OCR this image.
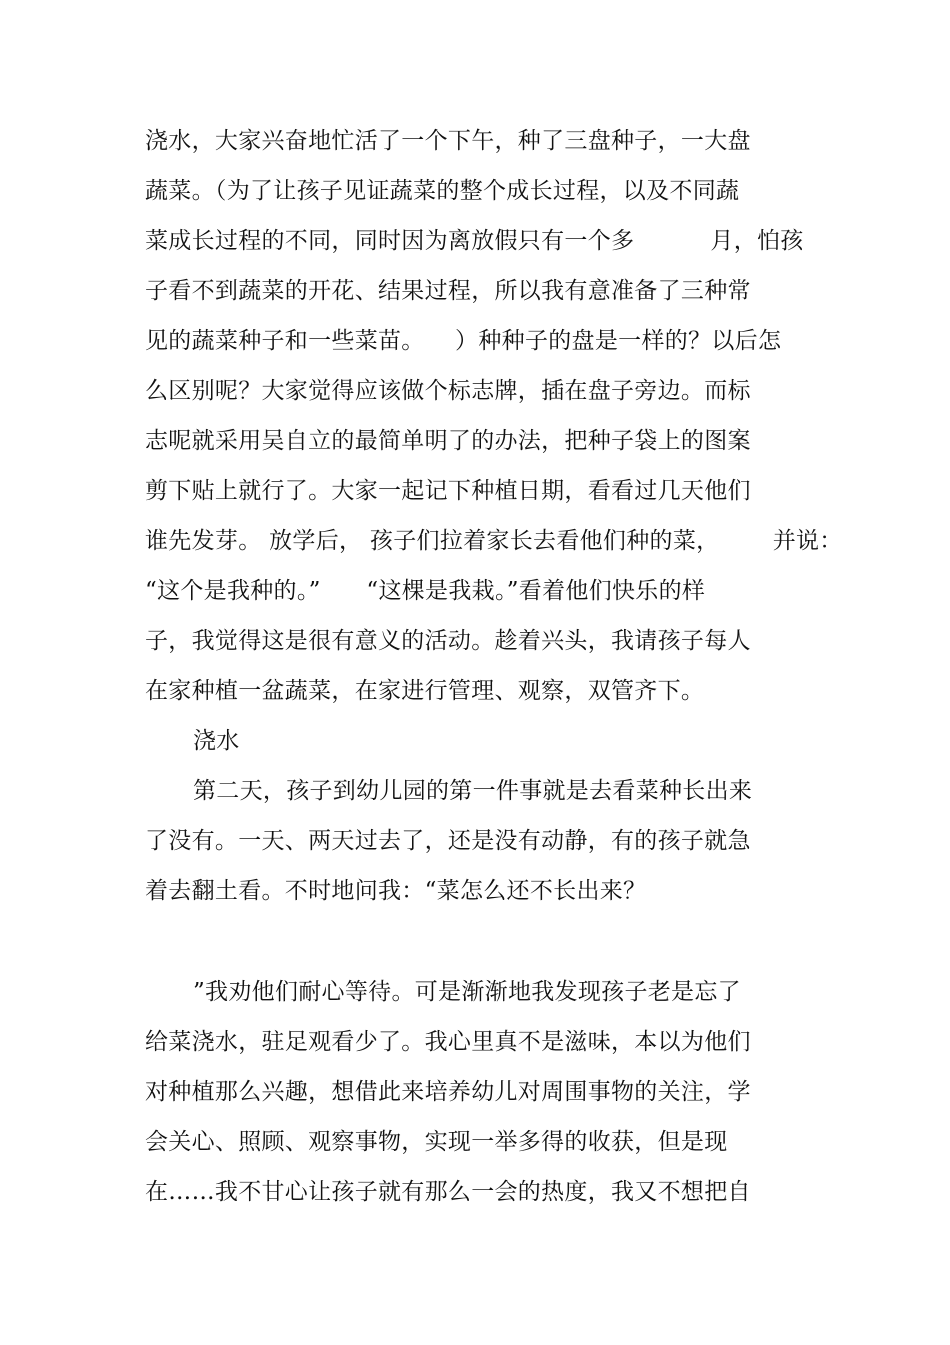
浇水，大家兴奋地忙活了一个下午，种了三盘种子，一大盘
蔬菜。（为了让孩子见证蔬菜的整个成长过程，以及不同蔬
菜成长过程的不同，同时因为离放假只有一个多          月，怕孩
子看不到蔬菜的开花、结果过程，所以我有意准备了三种常
见的蔬菜种子和一些菜苗。    ）种种子的盘是一样的？以后怎
么区别呢？大家觉得应该做个标志牌，插在盘子旁边。而标
志呢就采用吴自立的最简单明了的办法，把种子袋上的图案
剪下贴上就行了。大家一起记下种植日期，看看过几天他们
谁先发芽。 放学后， 孩子们拉着家长去看他们种的菜，       并说：
“这个是我种的。”      “这棵是我栽。”看着他们快乐的样
子，我觉得这是很有意义的活动。趁着兴头，我请孩子每人
在家种植一盆蔬菜，在家进行管理、观察，双管齐下。
浇水
第二天，孩子到幼儿园的第一件事就是去看菜种长出来
了没有。一天、两天过去了，还是没有动静，有的孩子就急
着去翻土看。不时地问我：“菜怎么还不长出来？
”我劝他们耐心等待。可是渐渐地我发现孩子老是忘了
给菜浇水，驻足观看少了。我心里真不是滋味，本以为他们
对种植那么兴趣，想借此来培养幼儿对周围事物的关注，学
会关心、照顾、观察事物，实现一举多得的收获，但是现
在……我不甘心让孩子就有那么一会的热度，我又不想把自
